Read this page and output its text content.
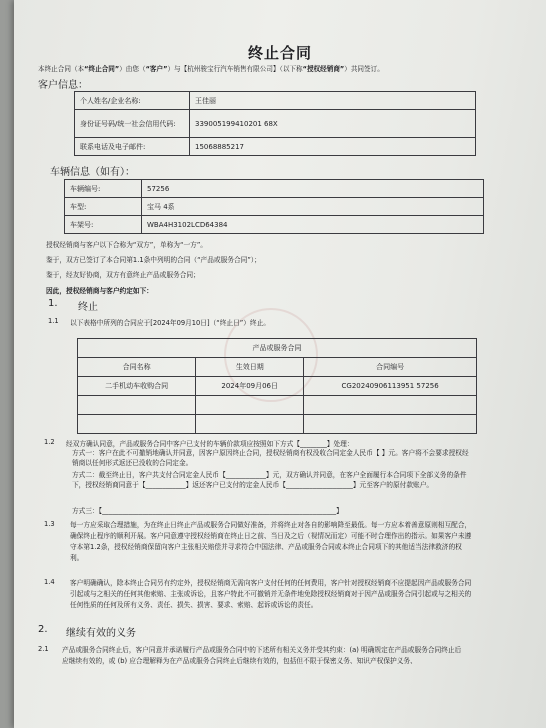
终止合同
本终止合同（本“终止合同”）由您（“客户”）与【杭州骏宝行汽车销售有限公司】（以下称“授权经销商”）共同签订。
客户信息：
个人姓名/企业名称:	王佳丽
身份证号码/统一社会信用代码:	339005199410201 68X
联系电话及电子邮件:	15068885217
车辆信息（如有）：
车辆编号:	57256
车型:	宝马 4系
车架号:	WBA4H3102LCD64384
授权经销商与客户以下合称为“双方”，单称为“一方”。
鉴于，双方已签订了本合同第1.1条中列明的合同（“产品或服务合同”）；
鉴于，经友好协商，双方有意终止产品或服务合同；
因此，授权经销商与客户约定如下：
1. 终止
1.1 以下表格中所列的合同应于[2024年09月10日]（“终止日”）终止。
产品或服务合同		
合同名称	生效日期	合同编号
二手机动车收购合同	2024年09月06日	CG20240906113951 57256

1.2 经双方确认同意，产品或服务合同中客户已支付的车辆价款项应按照如下方式【________】处理：
方式一：客户在此不可撤销地确认并同意，因客户原因终止合同，授权经销商有权没收合同定金人民币【 】元。客户将不会要求授权经销商以任何形式返还已没收的合同定金。
方式二：截至终止日，客户共支付合同定金人民币【____________】元，双方确认并同意，在客户全面履行本合同项下全部义务的条件下，授权经销商同意于【____________】返还客户已支付的定金人民币【____________________】元至客户的原付款账户。
方式三：【______________________________________________________________________】
1.3 每一方应采取合理措施，为在终止日终止产品或服务合同做好准备，并将终止对各自的影响降至最低。每一方应本着善意原则相互配合，确保终止程序的顺利开展。客户同意遵守授权经销商在终止日之前、当日及之后（视情况而定）可能不时合理作出的指示。如果客户未遵守本第1.2条，授权经销商保留向客户主张相关赔偿并寻求符合中国法律、产品或服务合同或本终止合同项下的其他适当法律救济的权利。
1.4 客户明确确认，除本终止合同另有约定外，授权经销商无需向客户支付任何的任何费用，客户针对授权经销商不应提起因产品或服务合同引起或与之相关的任何其他索赔、主张或诉讼，且客户特此不可撤销并无条件地免除授权经销商对于因产品或服务合同引起或与之相关的任何性质的任何及所有义务、责任、损失、损害、要求、索赔、起诉或诉讼的责任。
2. 继续有效的义务
2.1 产品或服务合同终止后，客户同意并承诺履行产品或服务合同中的下述所有相关义务并受其约束：(a) 明确规定在产品或服务合同终止后应继续有效的，或 (b) 应合理解释为在产品或服务合同终止后继续有效的，包括但不限于保密义务、知识产权保护义务、
